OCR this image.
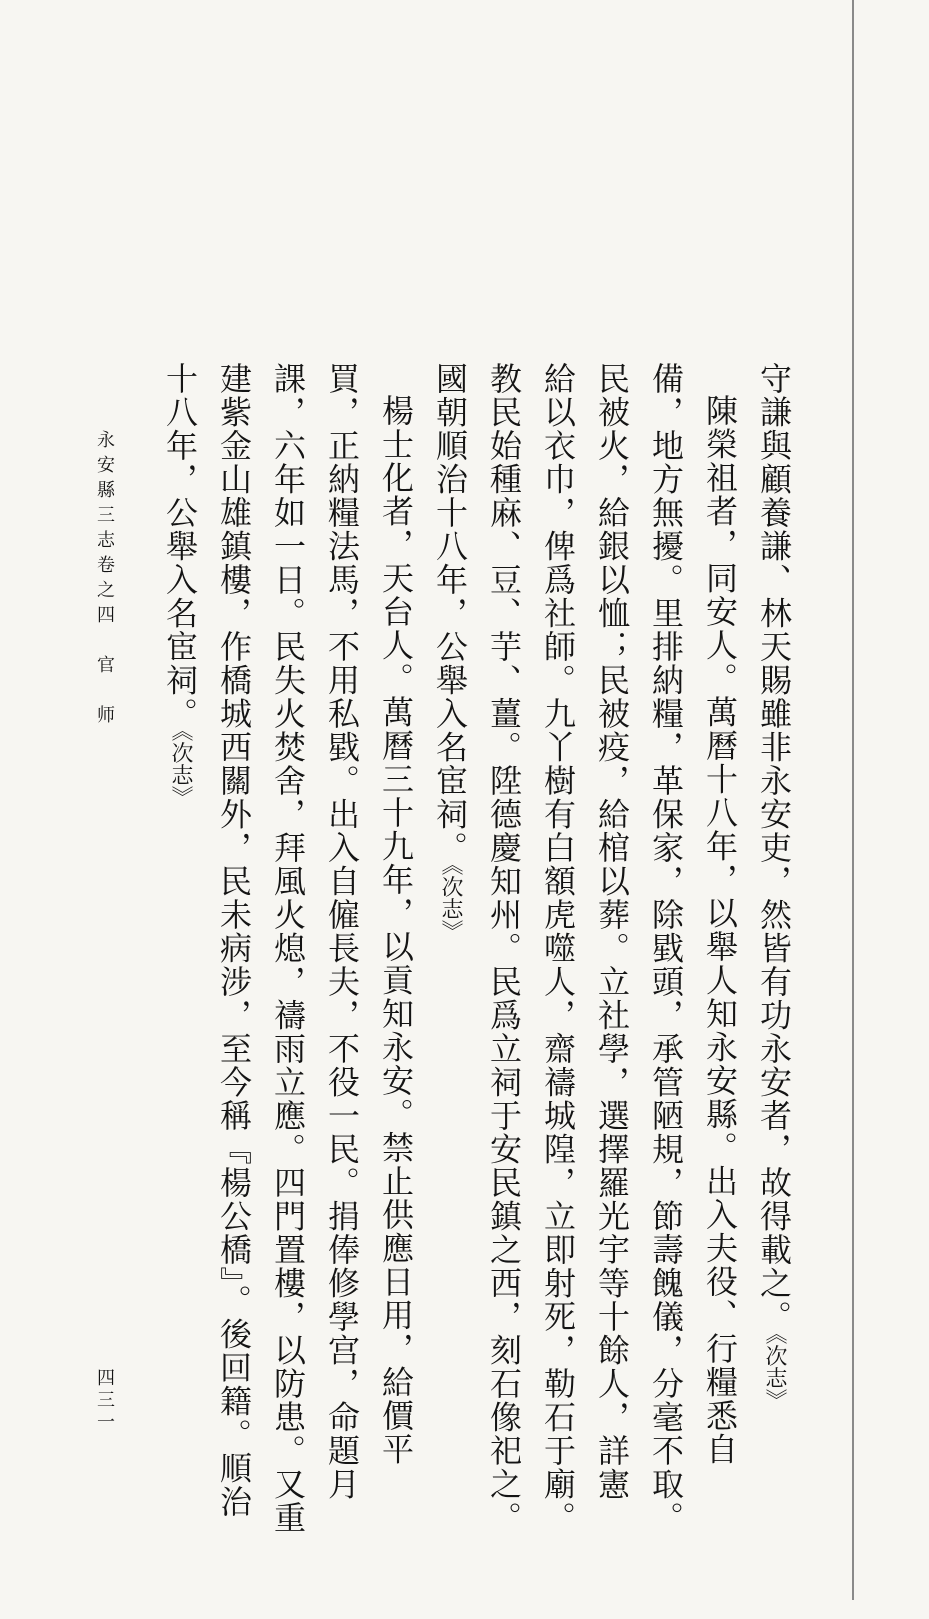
守謙與顧養謙、林天賜雖非永安吏，然皆有功永安者，故得載之。《次志》
陳榮祖者，同安人。萬曆十八年，以舉人知永安縣。出入夫役、行糧悉自
備，地方無擾。里排納糧，革保家，除戥頭，承管陋規，節壽餽儀，分毫不取。
民被火，給銀以恤；民被疫，給棺以葬。立社學，選擇羅光宇等十餘人，詳憲
給以衣巾，俾爲社師。九丫樹有白額虎噬人，齋禱城隍，立即射死，勒石于廟。
教民始種麻、豆、芋、薑。陞德慶知州。民爲立祠于安民鎮之西，刻石像祀之。
國朝順治十八年，公舉入名宦祠。《次志》
楊士化者，天台人。萬曆三十九年，以貢知永安。禁止供應日用，給價平
買，正納糧法馬，不用私戥。出入自僱長夫，不役一民。捐俸修學宫，命題月
課，六年如一日。民失火焚舍，拜風火熄，禱雨立應。四門置樓，以防患。又重
建紫金山雄鎮樓，作橋城西關外，民未病涉，至今稱『楊公橋』。後回籍。順治
十八年，公舉入名宦祠。《次志》
永安縣三志卷之四　官　师
四三一
